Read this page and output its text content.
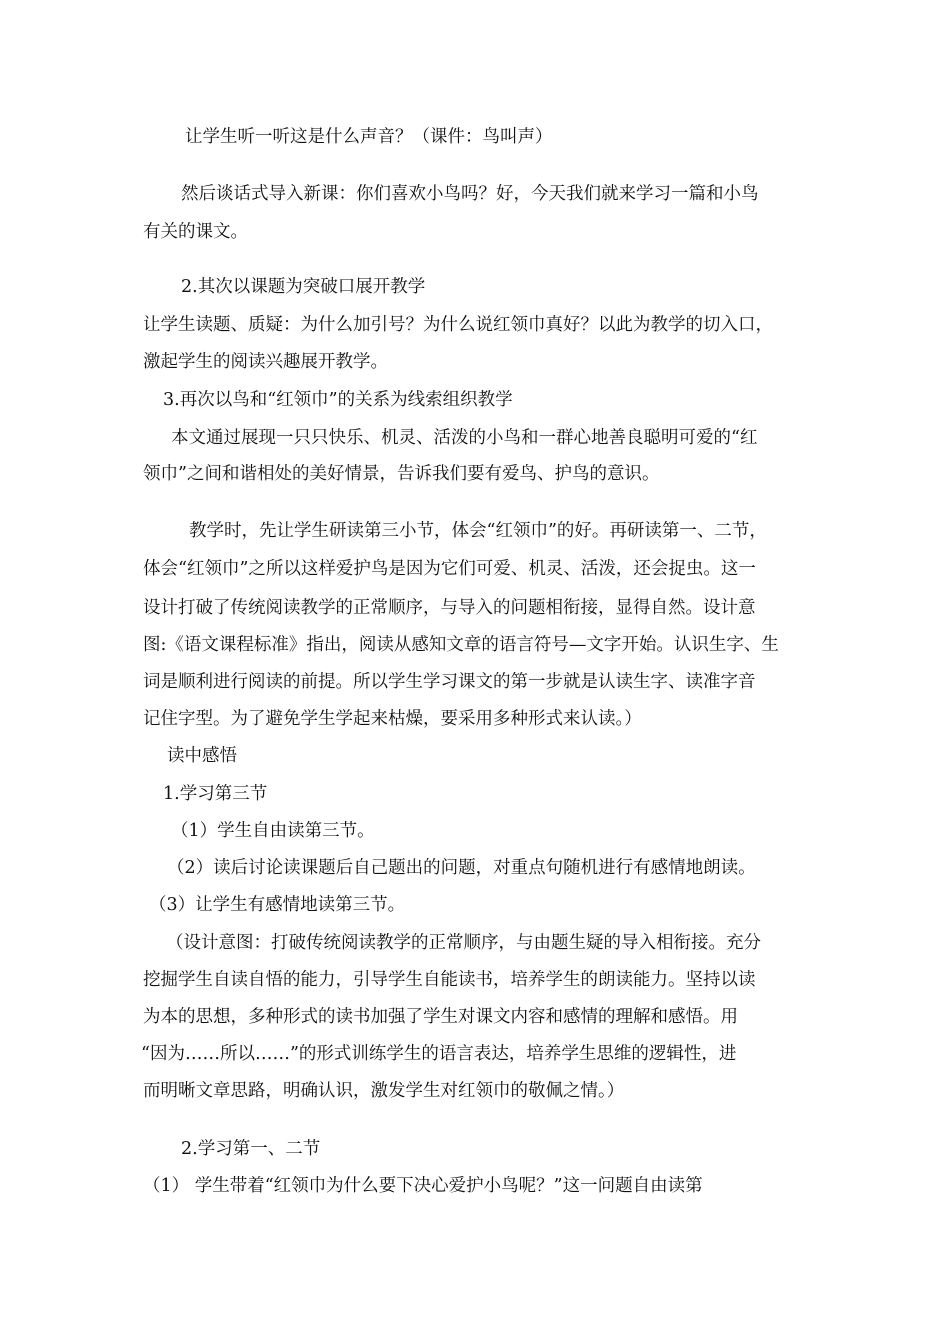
让学生听一听这是什么声音？（课件：鸟叫声）
然后谈话式导入新课：你们喜欢小鸟吗？好，今天我们就来学习一篇和小鸟
有关的课文。
2.其次以课题为突破口展开教学
让学生读题、质疑：为什么加引号？为什么说红领巾真好？以此为教学的切入口，
激起学生的阅读兴趣展开教学。
3.再次以鸟和“红领巾”的关系为线索组织教学
本文通过展现一只只快乐、机灵、活泼的小鸟和一群心地善良聪明可爱的“红
领巾”之间和谐相处的美好情景，告诉我们要有爱鸟、护鸟的意识。
教学时，先让学生研读第三小节，体会“红领巾”的好。再研读第一、二节，
体会“红领巾”之所以这样爱护鸟是因为它们可爱、机灵、活泼，还会捉虫。这一
设计打破了传统阅读教学的正常顺序，与导入的问题相衔接，显得自然。设计意
图:《语文课程标准》指出，阅读从感知文章的语言符号—文字开始。认识生字、生
词是顺利进行阅读的前提。所以学生学习课文的第一步就是认读生字、读准字音
记住字型。为了避免学生学起来枯燥，要采用多种形式来认读。）
读中感悟
1.学习第三节
（1）学生自由读第三节。
（2）读后讨论读课题后自己题出的问题，对重点句随机进行有感情地朗读。
（3）让学生有感情地读第三节。
（设计意图：打破传统阅读教学的正常顺序，与由题生疑的导入相衔接。充分
挖掘学生自读自悟的能力，引导学生自能读书，培养学生的朗读能力。坚持以读
为本的思想，多种形式的读书加强了学生对课文内容和感情的理解和感悟。用
“因为……所以……”的形式训练学生的语言表达，培养学生思维的逻辑性，进
而明晰文章思路，明确认识，激发学生对红领巾的敬佩之情。）
2.学习第一、二节
（1） 学生带着“红领巾为什么要下决心爱护小鸟呢？”这一问题自由读第
